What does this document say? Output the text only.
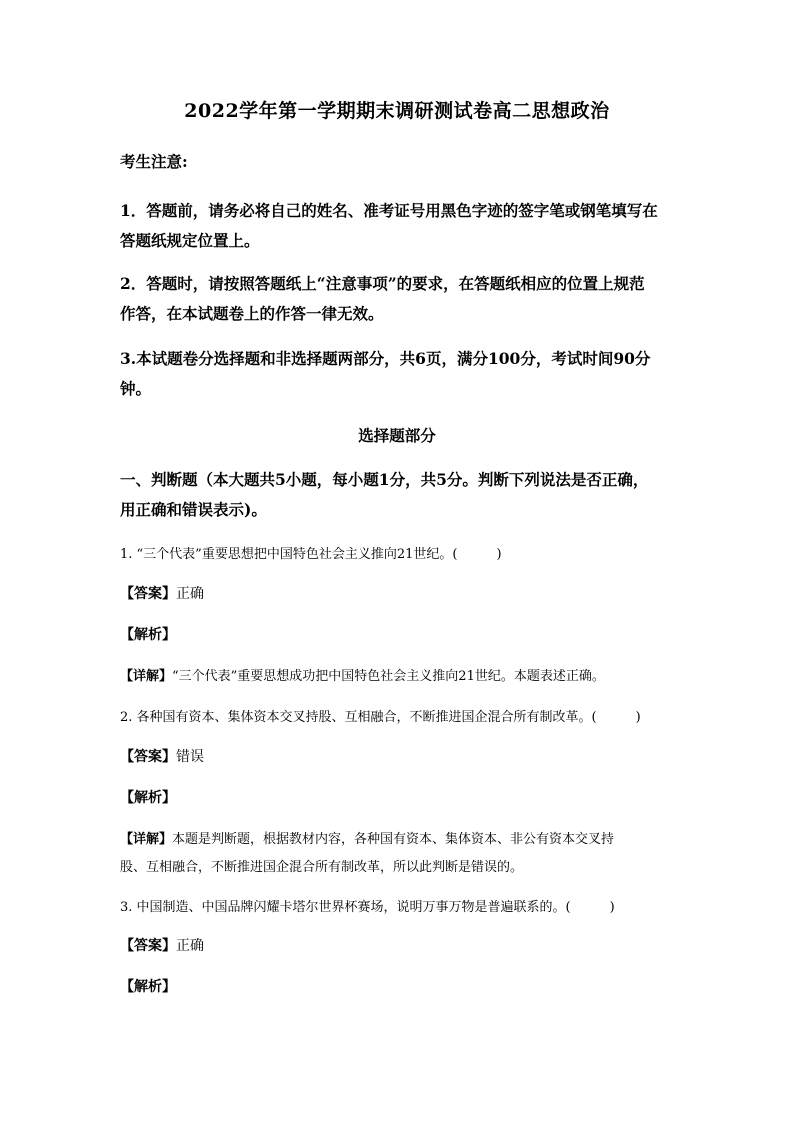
2022学年第一学期期末调研测试卷高二思想政治
考生注意:
1．答题前，请务必将自己的姓名、准考证号用黑色字迹的签字笔或钢笔填写在
答题纸规定位置上。
2．答题时，请按照答题纸上“注意事项”的要求，在答题纸相应的位置上规范
作答，在本试题卷上的作答一律无效。
3.本试题卷分选择题和非选择题两部分，共6页，满分100分，考试时间90分
钟。
选择题部分
一、判断题（本大题共5小题，每小题1分，共5分。判断下列说法是否正确，
用正确和错误表示)。
1. “三个代表”重要思想把中国特色社会主义推向21世纪。(　　　)
【答案】正确
【解析】
【详解】“三个代表”重要思想成功把中国特色社会主义推向21世纪。本题表述正确。
2. 各种国有资本、集体资本交叉持股、互相融合，不断推进国企混合所有制改革。(　　　)
【答案】错误
【解析】
【详解】本题是判断题，根据教材内容，各种国有资本、集体资本、非公有资本交叉持
股、互相融合，不断推进国企混合所有制改革，所以此判断是错误的。
3. 中国制造、中国品牌闪耀卡塔尔世界杯赛场，说明万事万物是普遍联系的。(　　　)
【答案】正确
【解析】
